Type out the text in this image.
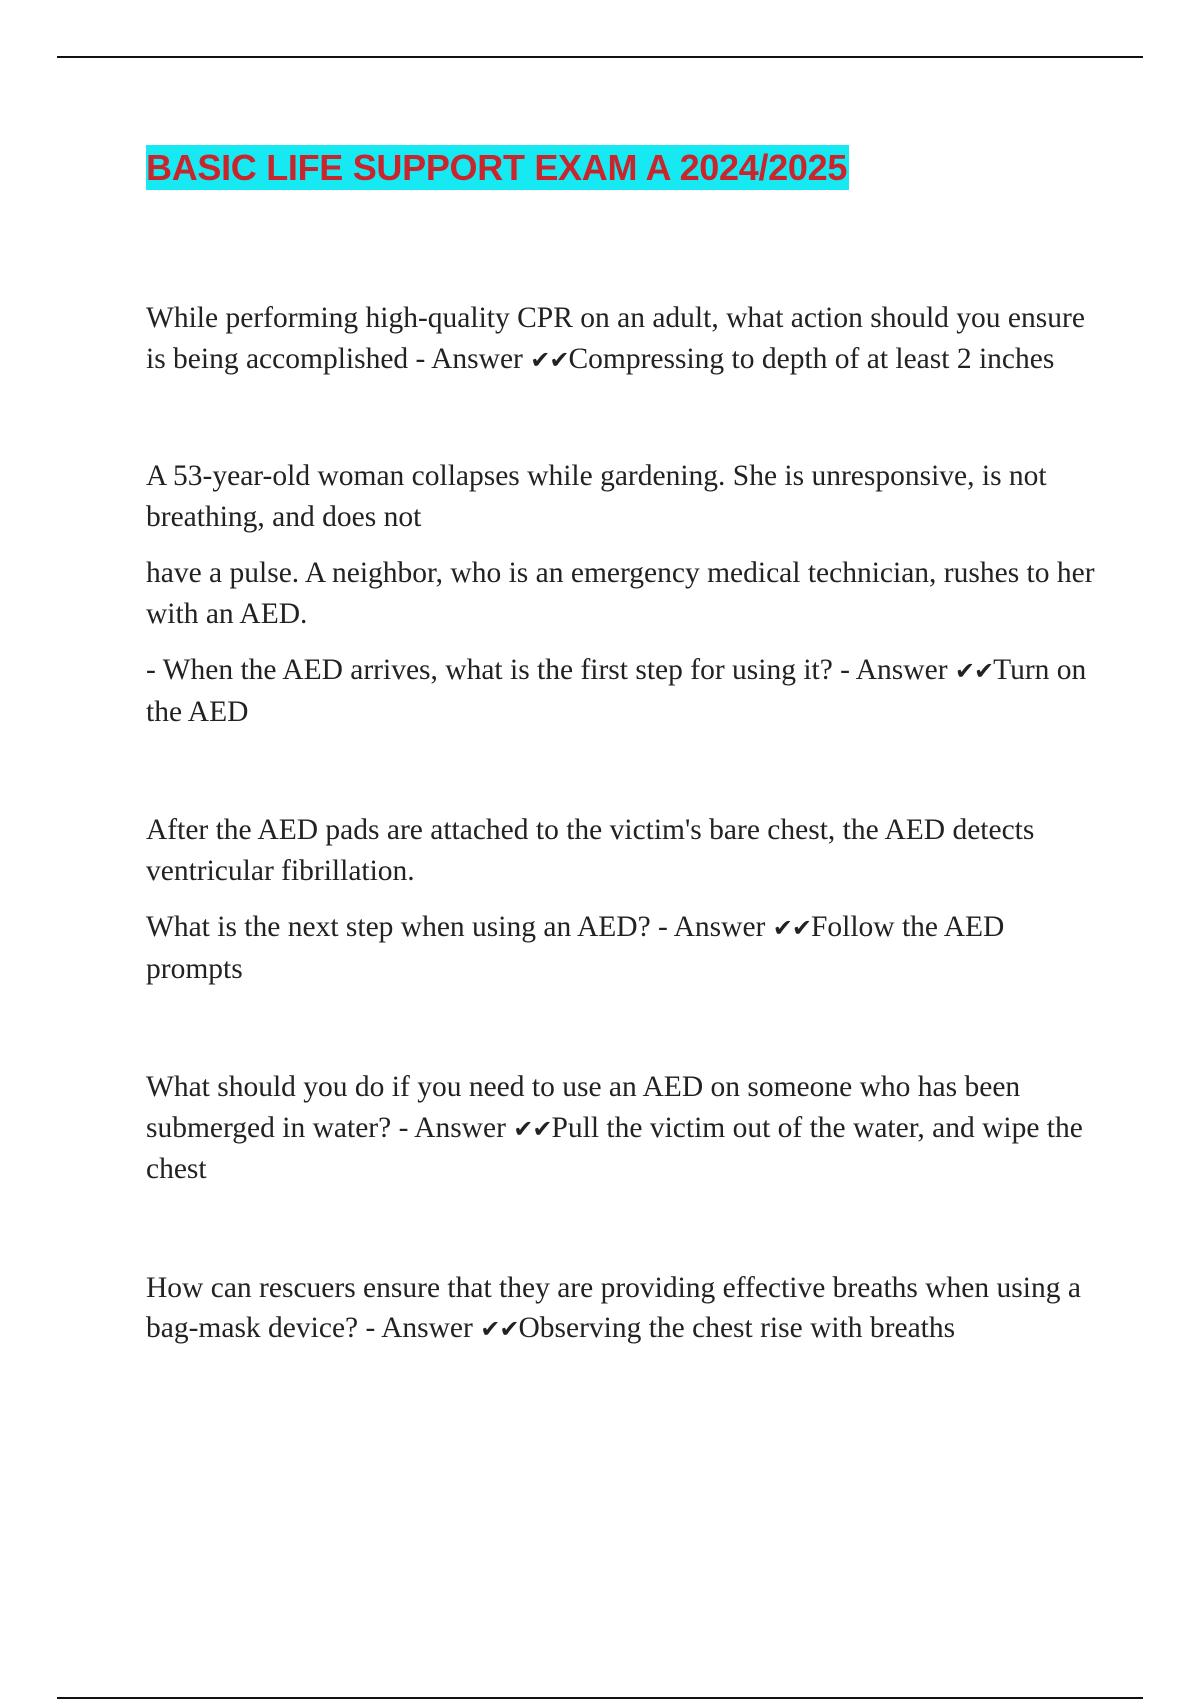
BASIC LIFE SUPPORT EXAM A 2024/2025

While performing high-quality CPR on an adult, what action should you ensure is being accomplished - Answer ✔✔Compressing to depth of at least 2 inches

A 53-year-old woman collapses while gardening. She is unresponsive, is not breathing, and does not

have a pulse. A neighbor, who is an emergency medical technician, rushes to her with an AED.

- When the AED arrives, what is the first step for using it? - Answer ✔✔Turn on the AED

After the AED pads are attached to the victim's bare chest, the AED detects ventricular fibrillation.

What is the next step when using an AED? - Answer ✔✔Follow the AED prompts

What should you do if you need to use an AED on someone who has been submerged in water? - Answer ✔✔Pull the victim out of the water, and wipe the chest

How can rescuers ensure that they are providing effective breaths when using a bag-mask device? - Answer ✔✔Observing the chest rise with breaths
